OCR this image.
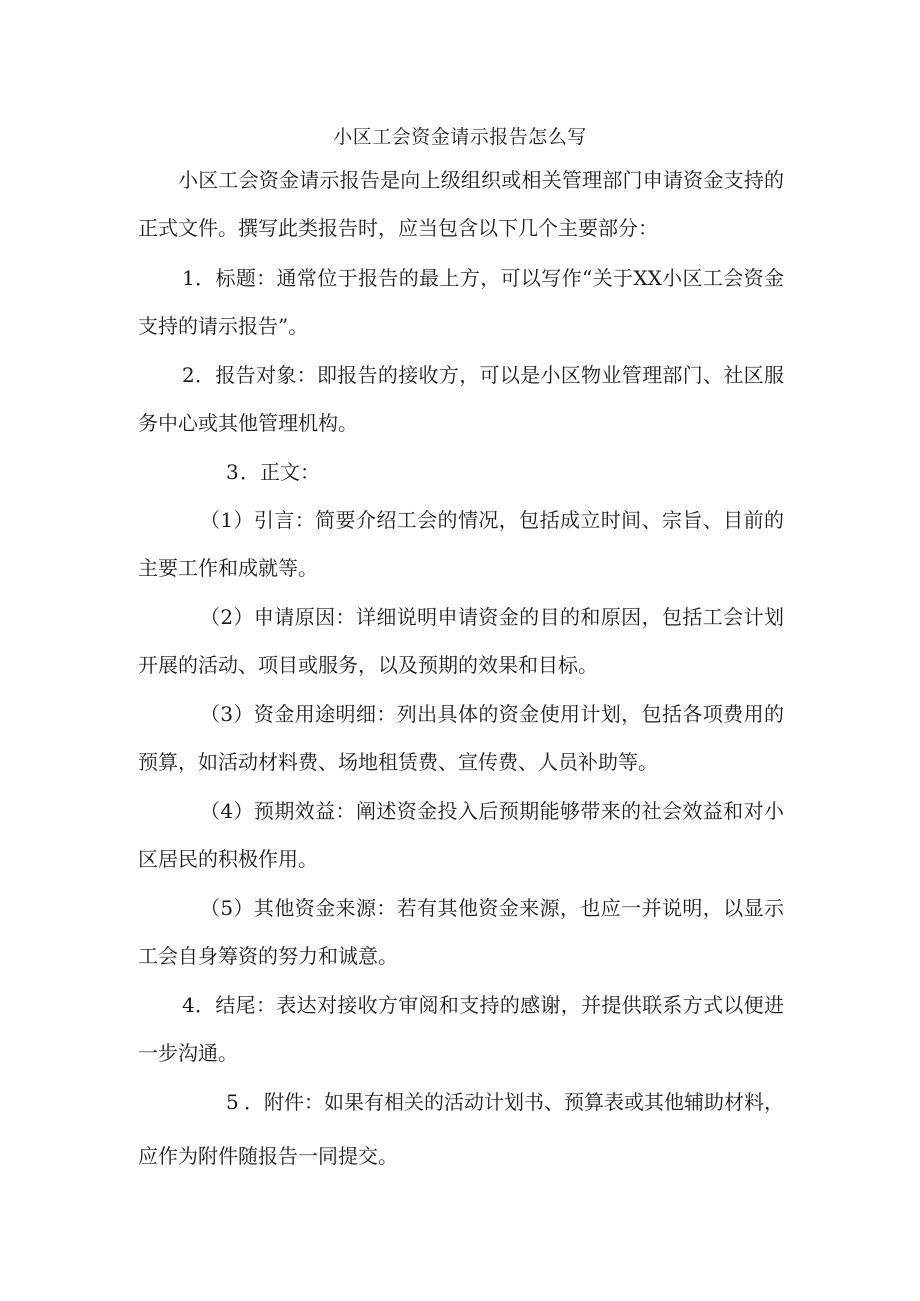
小区工会资金请示报告怎么写
小区工会资金请示报告是向上级组织或相关管理部门申请资金支持的正式文件。撰写此类报告时，应当包含以下几个主要部分：
1．标题：通常位于报告的最上方，可以写作“关于XX小区工会资金支持的请示报告”。
2．报告对象：即报告的接收方，可以是小区物业管理部门、社区服务中心或其他管理机构。
3．正文：
（1）引言：简要介绍工会的情况，包括成立时间、宗旨、目前的主要工作和成就等。
（2）申请原因：详细说明申请资金的目的和原因，包括工会计划开展的活动、项目或服务，以及预期的效果和目标。
（3）资金用途明细：列出具体的资金使用计划，包括各项费用的预算，如活动材料费、场地租赁费、宣传费、人员补助等。
（4）预期效益：阐述资金投入后预期能够带来的社会效益和对小区居民的积极作用。
（5）其他资金来源：若有其他资金来源，也应一并说明，以显示工会自身筹资的努力和诚意。
4．结尾：表达对接收方审阅和支持的感谢，并提供联系方式以便进一步沟通。
5 ．附件：如果有相关的活动计划书、预算表或其他辅助材料，
应作为附件随报告一同提交。
